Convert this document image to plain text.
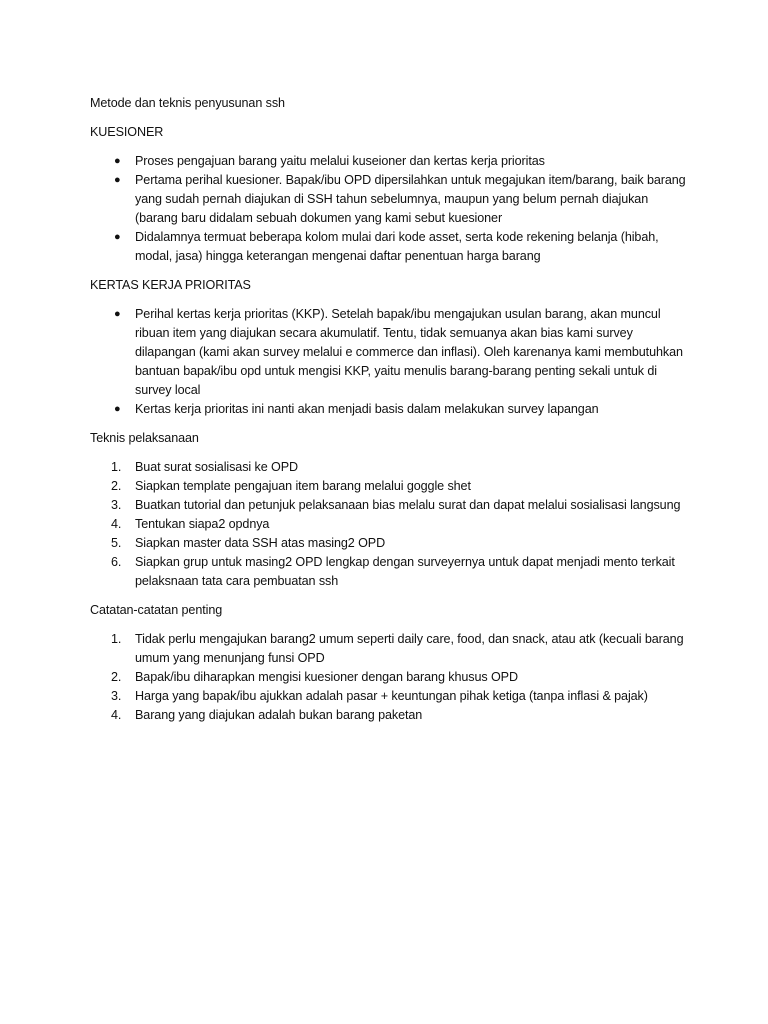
Metode dan teknis penyusunan ssh

KUESIONER

● Proses pengajuan barang yaitu melalui kuseioner dan kertas kerja prioritas
● Pertama perihal kuesioner. Bapak/ibu OPD dipersilahkan untuk megajukan item/barang, baik barang yang sudah pernah diajukan di SSH tahun sebelumnya, maupun yang belum pernah diajukan (barang baru didalam sebuah dokumen yang kami sebut kuesioner
● Didalamnya termuat beberapa kolom mulai dari kode asset, serta kode rekening belanja (hibah, modal, jasa) hingga keterangan mengenai daftar penentuan harga barang

KERTAS KERJA PRIORITAS

● Perihal kertas kerja prioritas (KKP). Setelah bapak/ibu mengajukan usulan barang, akan muncul ribuan item yang diajukan secara akumulatif. Tentu, tidak semuanya akan bias kami survey dilapangan (kami akan survey melalui e commerce dan inflasi). Oleh karenanya kami membutuhkan bantuan bapak/ibu opd untuk mengisi KKP, yaitu menulis barang-barang penting sekali untuk di survey local
● Kertas kerja prioritas ini nanti akan menjadi basis dalam melakukan survey lapangan

Teknis pelaksanaan

1. Buat surat sosialisasi ke OPD
2. Siapkan template pengajuan item barang melalui goggle shet
3. Buatkan tutorial dan petunjuk pelaksanaan bias melalu surat dan dapat melalui sosialisasi langsung
4. Tentukan siapa2 opdnya
5. Siapkan master data SSH atas masing2 OPD
6. Siapkan grup untuk masing2 OPD lengkap dengan surveyernya untuk dapat menjadi mento terkait pelaksnaan tata cara pembuatan ssh

Catatan-catatan penting

1. Tidak perlu mengajukan barang2 umum seperti daily care, food, dan snack, atau atk (kecuali barang umum yang menunjang funsi OPD
2. Bapak/ibu diharapkan mengisi kuesioner dengan barang khusus OPD
3. Harga yang bapak/ibu ajukkan adalah pasar + keuntungan pihak ketiga (tanpa inflasi & pajak)
4. Barang yang diajukan adalah bukan barang paketan
